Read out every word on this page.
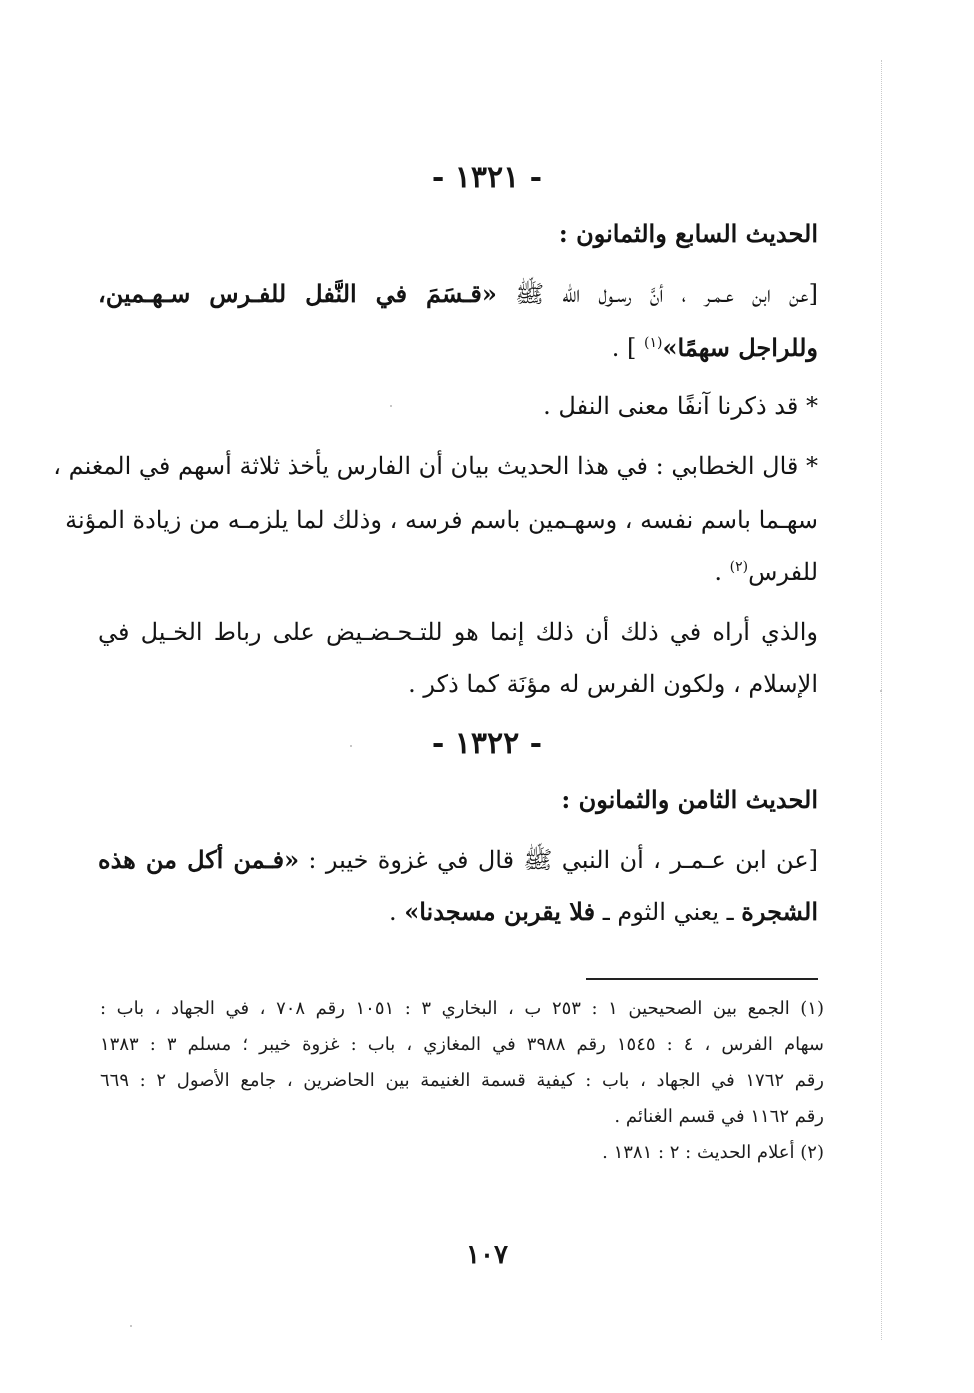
- ١٣٢١ -
الحديث السابع والثمانون :
[عن ابن عـمـر ، أنَّ رسـول الله ﷺ «قـسَمَ في النَّفل للفـرس سـهـمين،
وللراجل سهمًا»$^{(١)}$ ] .
* قد ذكرنا آنفًا معنى النفل .
* قال الخطابي : في هذا الحديث بيان أن الفارس يأخذ ثلاثة أسهم في المغنم ،
سهـما باسم نفسه ، وسهـمين باسم فرسه ، وذلك لما يلزمـه من زيادة المؤنة
للفرس$^{(٢)}$ .
والذي أراه في ذلك أن ذلك إنما هو للتـحـضـيض على رباط الخـيل في
الإسلام ، ولكون الفرس له مؤنَة كما ذكر .
- ١٣٢٢ -
الحديث الثامن والثمانون :
[عن ابن عـمـر ، أن النبي ﷺ قال في غزوة خيبر : «فـمن أكل من هذه
الشجرة ـ يعني الثوم ـ فلا يقربن مسجدنا» .
(١) الجمع بين الصحيحين ١ : ٢٥٣ ب ، البخاري ٣ : ١٠٥١ رقم ٧٠٨ ، في الجهاد ، باب :
سهام الفرس ، ٤ : ١٥٤٥ رقم ٣٩٨٨ في المغازي ، باب : غزوة خيبر ؛ مسلم ٣ : ١٣٨٣
رقم ١٧٦٢ في الجهاد ، باب : كيفية قسمة الغنيمة بين الحاضرين ، جامع الأصول ٢ : ٦٦٩
رقم ١١٦٢ في قسم الغنائم .
(٢) أعلام الحديث : ٢ : ١٣٨١ .
١٠٧
